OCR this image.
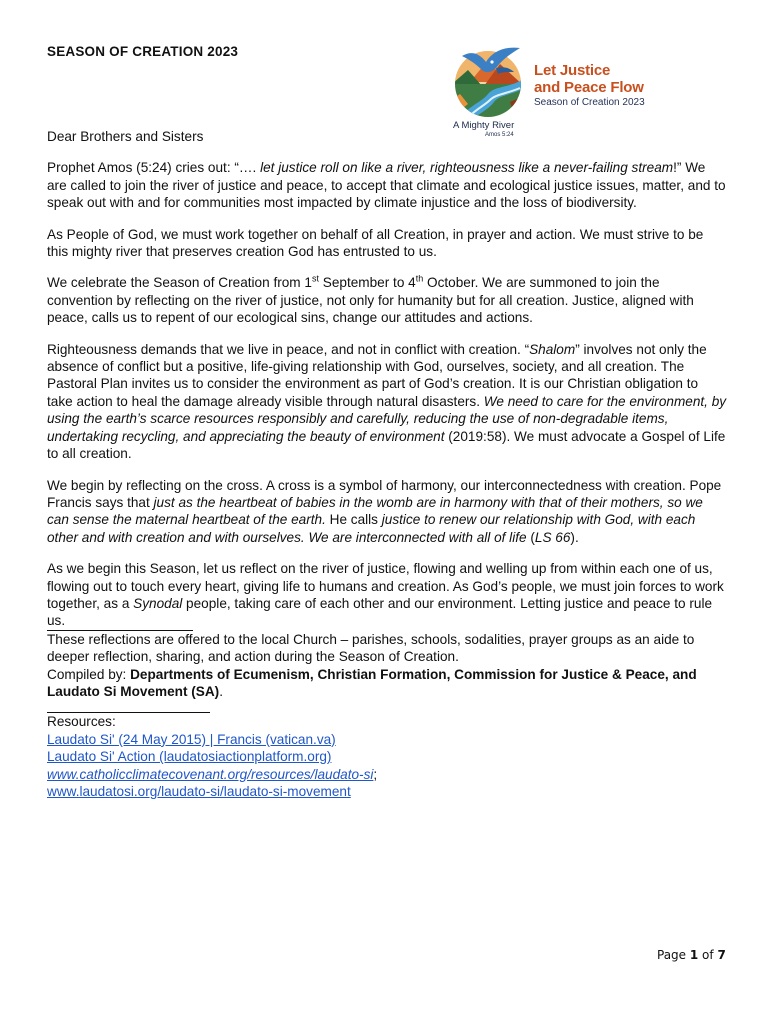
SEASON OF CREATION 2023
Let Justice
and Peace Flow
Season of Creation 2023
A Mighty River
Amos 5:24

Dear Brothers and Sisters

Prophet Amos (5:24) cries out: “…. let justice roll on like a river, righteousness like a never-failing stream!” We are called to join the river of justice and peace, to accept that climate and ecological justice issues, matter, and to speak out with and for communities most impacted by climate injustice and the loss of biodiversity.

As People of God, we must work together on behalf of all Creation, in prayer and action. We must strive to be this mighty river that preserves creation God has entrusted to us.

We celebrate the Season of Creation from 1st September to 4th October. We are summoned to join the convention by reflecting on the river of justice, not only for humanity but for all creation. Justice, aligned with peace, calls us to repent of our ecological sins, change our attitudes and actions.

Righteousness demands that we live in peace, and not in conflict with creation. “Shalom” involves not only the absence of conflict but a positive, life-giving relationship with God, ourselves, society, and all creation. The Pastoral Plan invites us to consider the environment as part of God’s creation. It is our Christian obligation to take action to heal the damage already visible through natural disasters. We need to care for the environment, by using the earth’s scarce resources responsibly and carefully, reducing the use of non-degradable items, undertaking recycling, and appreciating the beauty of environment (2019:58). We must advocate a Gospel of Life to all creation.

We begin by reflecting on the cross. A cross is a symbol of harmony, our interconnectedness with creation. Pope Francis says that just as the heartbeat of babies in the womb are in harmony with that of their mothers, so we can sense the maternal heartbeat of the earth. He calls justice to renew our relationship with God, with each other and with creation and with ourselves. We are interconnected with all of life (LS 66).

As we begin this Season, let us reflect on the river of justice, flowing and welling up from within each one of us, flowing out to touch every heart, giving life to humans and creation. As God’s people, we must join forces to work together, as a Synodal people, taking care of each other and our environment. Letting justice and peace to rule us.

These reflections are offered to the local Church – parishes, schools, sodalities, prayer groups as an aide to deeper reflection, sharing, and action during the Season of Creation.

Compiled by: Departments of Ecumenism, Christian Formation, Commission for Justice & Peace, and Laudato Si Movement (SA).

Resources:
Laudato Si' (24 May 2015) | Francis (vatican.va)
Laudato Si' Action (laudatosiactionplatform.org)
www.catholicclimatecovenant.org/resources/laudato-si;
www.laudatosi.org/laudato-si/laudato-si-movement
Page 1 of 7
